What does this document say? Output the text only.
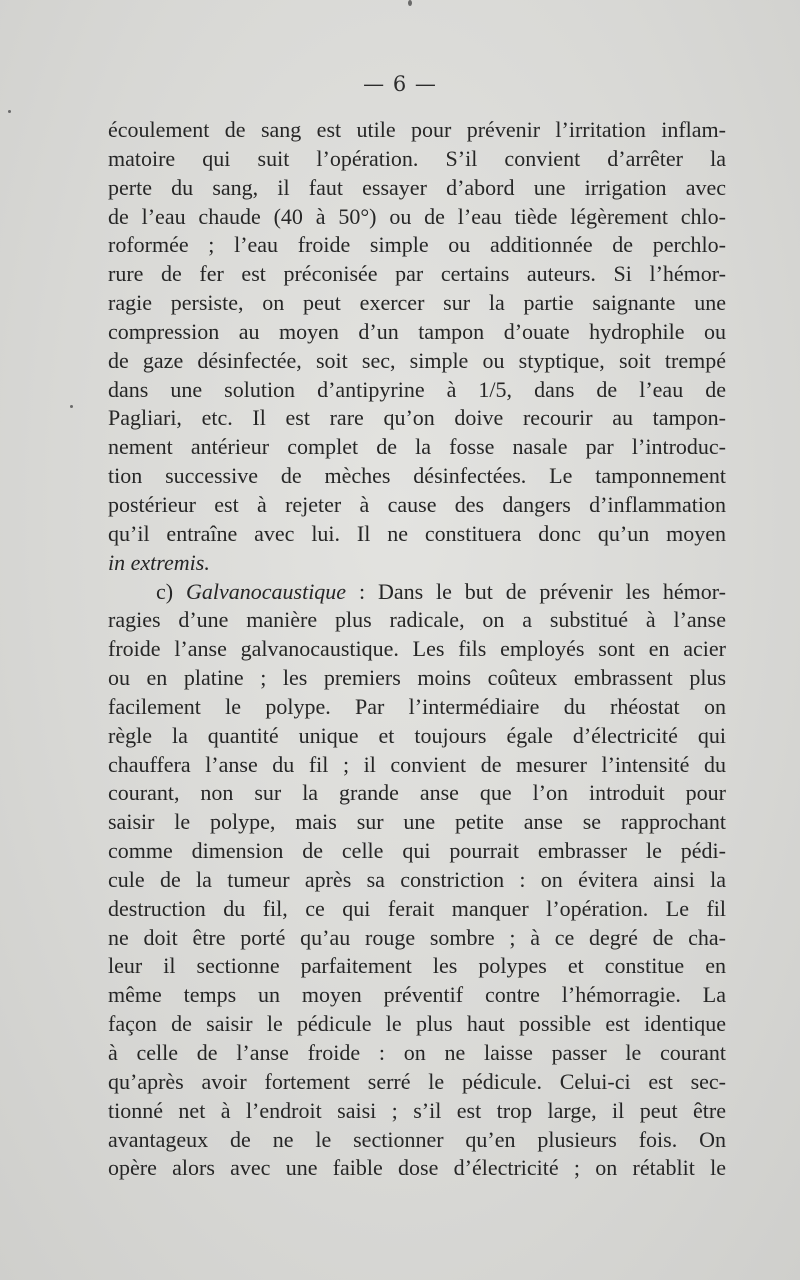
— 6 —
écoulement de sang est utile pour prévenir l’irritation inflam-
matoire qui suit l’opération. S’il convient d’arrêter la
perte du sang, il faut essayer d’abord une irrigation avec
de l’eau chaude (40 à 50°) ou de l’eau tiède légèrement chlo-
roformée ; l’eau froide simple ou additionnée de perchlo-
rure de fer est préconisée par certains auteurs. Si l’hémor-
ragie persiste, on peut exercer sur la partie saignante une
compression au moyen d’un tampon d’ouate hydrophile ou
de gaze désinfectée, soit sec, simple ou styptique, soit trempé
dans une solution d’antipyrine à 1/5, dans de l’eau de
Pagliari, etc. Il est rare qu’on doive recourir au tampon-
nement antérieur complet de la fosse nasale par l’introduc-
tion successive de mèches désinfectées. Le tamponnement
postérieur est à rejeter à cause des dangers d’inflammation
qu’il entraîne avec lui. Il ne constituera donc qu’un moyen
in extremis.
c) Galvanocaustique : Dans le but de prévenir les hémor-
ragies d’une manière plus radicale, on a substitué à l’anse
froide l’anse galvanocaustique. Les fils employés sont en acier
ou en platine ; les premiers moins coûteux embrassent plus
facilement le polype. Par l’intermédiaire du rhéostat on
règle la quantité unique et toujours égale d’électricité qui
chauffera l’anse du fil ; il convient de mesurer l’intensité du
courant, non sur la grande anse que l’on introduit pour
saisir le polype, mais sur une petite anse se rapprochant
comme dimension de celle qui pourrait embrasser le pédi-
cule de la tumeur après sa constriction : on évitera ainsi la
destruction du fil, ce qui ferait manquer l’opération. Le fil
ne doit être porté qu’au rouge sombre ; à ce degré de cha-
leur il sectionne parfaitement les polypes et constitue en
même temps un moyen préventif contre l’hémorragie. La
façon de saisir le pédicule le plus haut possible est identique
à celle de l’anse froide : on ne laisse passer le courant
qu’après avoir fortement serré le pédicule. Celui-ci est sec-
tionné net à l’endroit saisi ; s’il est trop large, il peut être
avantageux de ne le sectionner qu’en plusieurs fois. On
opère alors avec une faible dose d’électricité ; on rétablit le
